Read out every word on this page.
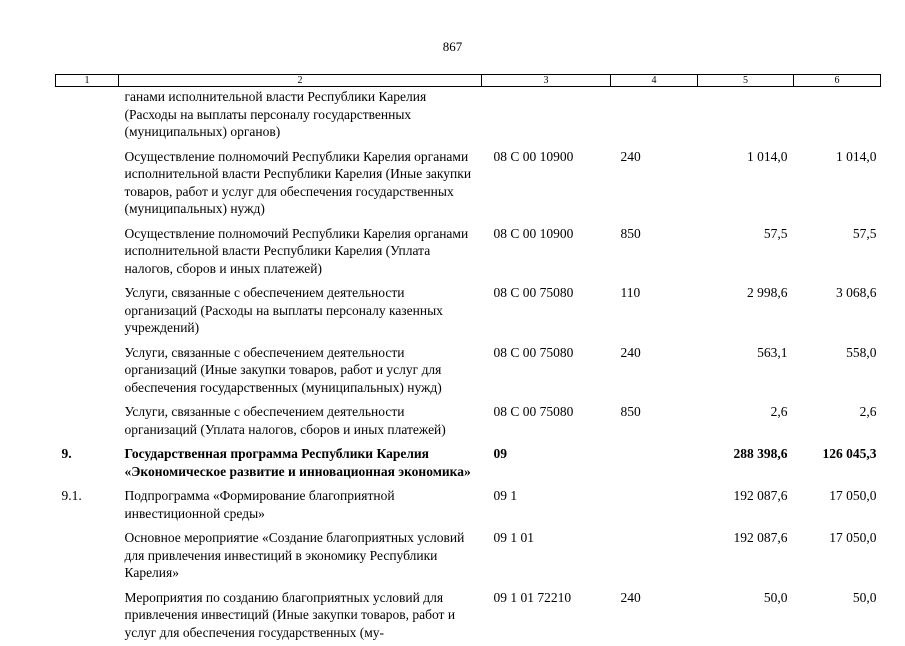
867
1	2	3	4	5	6
	ганами исполнительной власти Республики Карелия (Расходы на выплаты персоналу государственных (муниципальных) органов)				
	Осуществление полномочий Республики Карелия органами исполнительной власти Республики Карелия (Иные закупки товаров, работ и услуг для обеспечения государственных (муниципальных) нужд)	08 С 00 10900	240	1 014,0	1 014,0
	Осуществление полномочий Республики Карелия органами исполнительной власти Республики Карелия (Уплата налогов, сборов и иных платежей)	08 С 00 10900	850	57,5	57,5
	Услуги, связанные с обеспечением деятельности организаций (Расходы на выплаты персоналу казенных учреждений)	08 С 00 75080	110	2 998,6	3 068,6
	Услуги, связанные с обеспечением деятельности организаций (Иные закупки товаров, работ и услуг для обеспечения государственных (муниципальных) нужд)	08 С 00 75080	240	563,1	558,0
	Услуги, связанные с обеспечением деятельности организаций (Уплата налогов, сборов и иных платежей)	08 С 00 75080	850	2,6	2,6
9.	Государственная программа Республики Карелия «Экономическое развитие и инновационная экономика»	09		288 398,6	126 045,3
9.1.	Подпрограмма «Формирование благоприятной инвестиционной среды»	09 1		192 087,6	17 050,0
	Основное мероприятие «Создание благоприятных условий для привлечения инвестиций в экономику Республики Карелия»	09 1 01		192 087,6	17 050,0
	Мероприятия по созданию благоприятных условий для привлечения инвестиций (Иные закупки товаров, работ и услуг для обеспечения государственных (му-	09 1 01 72210	240	50,0	50,0
